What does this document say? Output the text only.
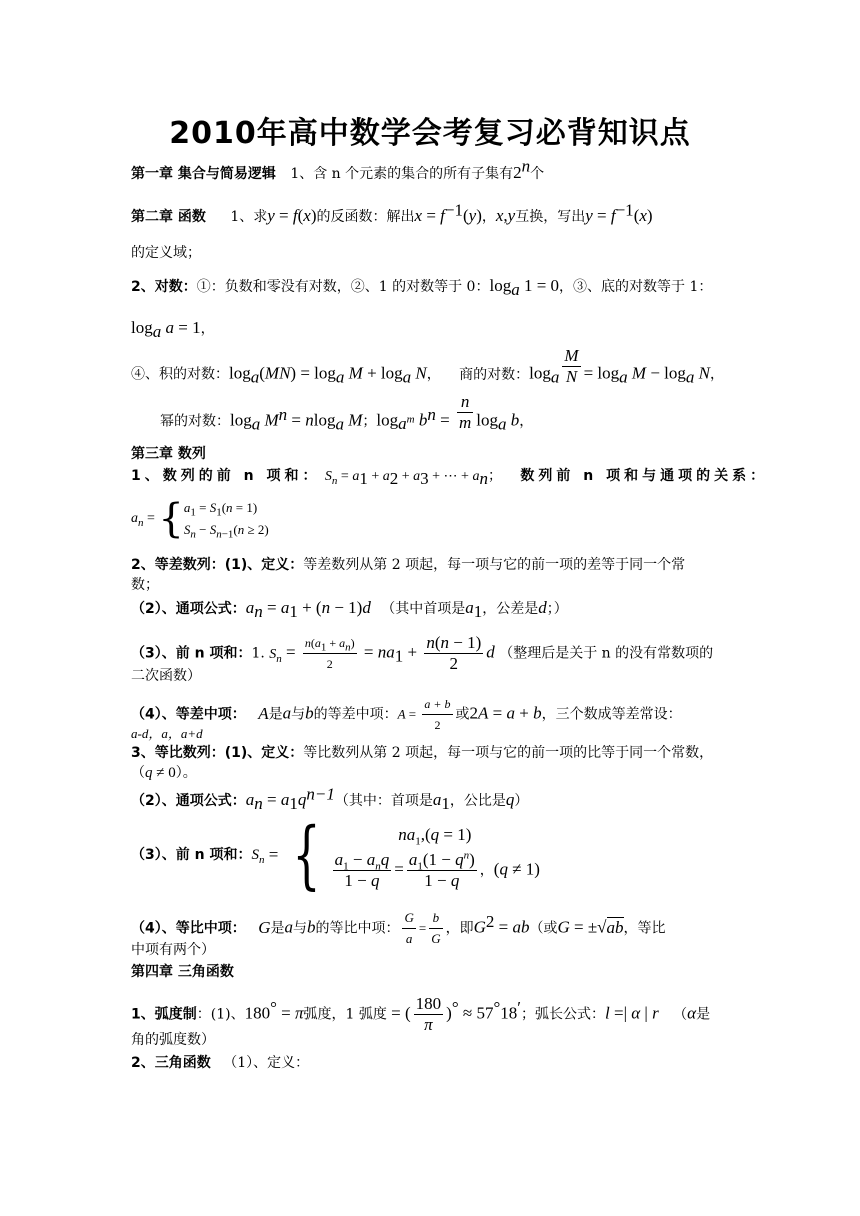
2010年高中数学会考复习必背知识点
第一章 集合与简易逻辑 1、含 n 个元素的集合的所有子集有2$^n$个
第二章 函数 1、求y = f(x)的反函数：解出$x = f^{-1}(y)$，x,y互换，写出$y = f^{-1}(x)$
的定义域；
2、对数：①：负数和零没有对数，②、1 的对数等于 0：$\log_a 1 = 0$，③、底的对数等于 1：
$\log_a a = 1$，
④、积的对数：$\log_a(MN) = \log_a M + \log_a N$， 商的对数：$\log_a \frac{M}{N} = \log_a M - \log_a N$，
幂的对数：$\log_a M^n = nlog_a$ M；$\log_{a^m} b^n = \frac{n}{m} \log_a b$，
第三章 数列
1、数列的前 n 项和： $S_n = a_1 + a_2 + a_3$ + ⋯ + $a_n$； 数列前 n 项和与通项的关系：
$a_n$ = { $a_1 = S_1(n = 1)$
$S_n - S_{n-1}(n \ge 2)$
2、等差数列：(1)、定义：等差数列从第 2 项起，每一项与它的前一项的差等于同一个常
数；
（2）、通项公式：$a_n = a_1 + (n - 1)d$ （其中首项是$a_1$，公差是d；）
（3）、前 n 项和：1. $S_n = \frac{n(a_1 + a_n)}{2} = na_1 + \frac{n(n - 1)}{2}$ d （整理后是关于 n 的没有常数项的
二次函数）
（4）、等差中项： A是a与b的等差中项：$A = \frac{a + b}{2}$ 或2A = a + b，三个数成等差常设：
a-d，a，a+d
3、等比数列：(1)、定义：等比数列从第 2 项起，每一项与它的前一项的比等于同一个常数，
（q ≠ 0）。
（2）、通项公式：$a_n = a_1q^{n-1}$（其中：首项是$a_1$，公比是q）
（3）、前 n 项和：$S_n$ = {	$na_1,(q = 1)$
$\frac{a_1 - a_nq}{1 - q} = \frac{a_1(1 - q^n)}{1 - q}$ ，(q ≠ 1)
（4）、等比中项： G是a与b的等比中项： $\frac{G}{a} = \frac{b}{G}$ ，即$G^2 = ab$（或G = ±√ab，等比
中项有两个）
第四章 三角函数
1、弧度制：(1)、180° = π弧度，1 弧度 = ( $\frac{180}{\pi} )^\circ \approx 57^\circ 18'$；弧长公式：l =| α | r （α是
角的弧度数）
2、三角函数 （1）、定义：
